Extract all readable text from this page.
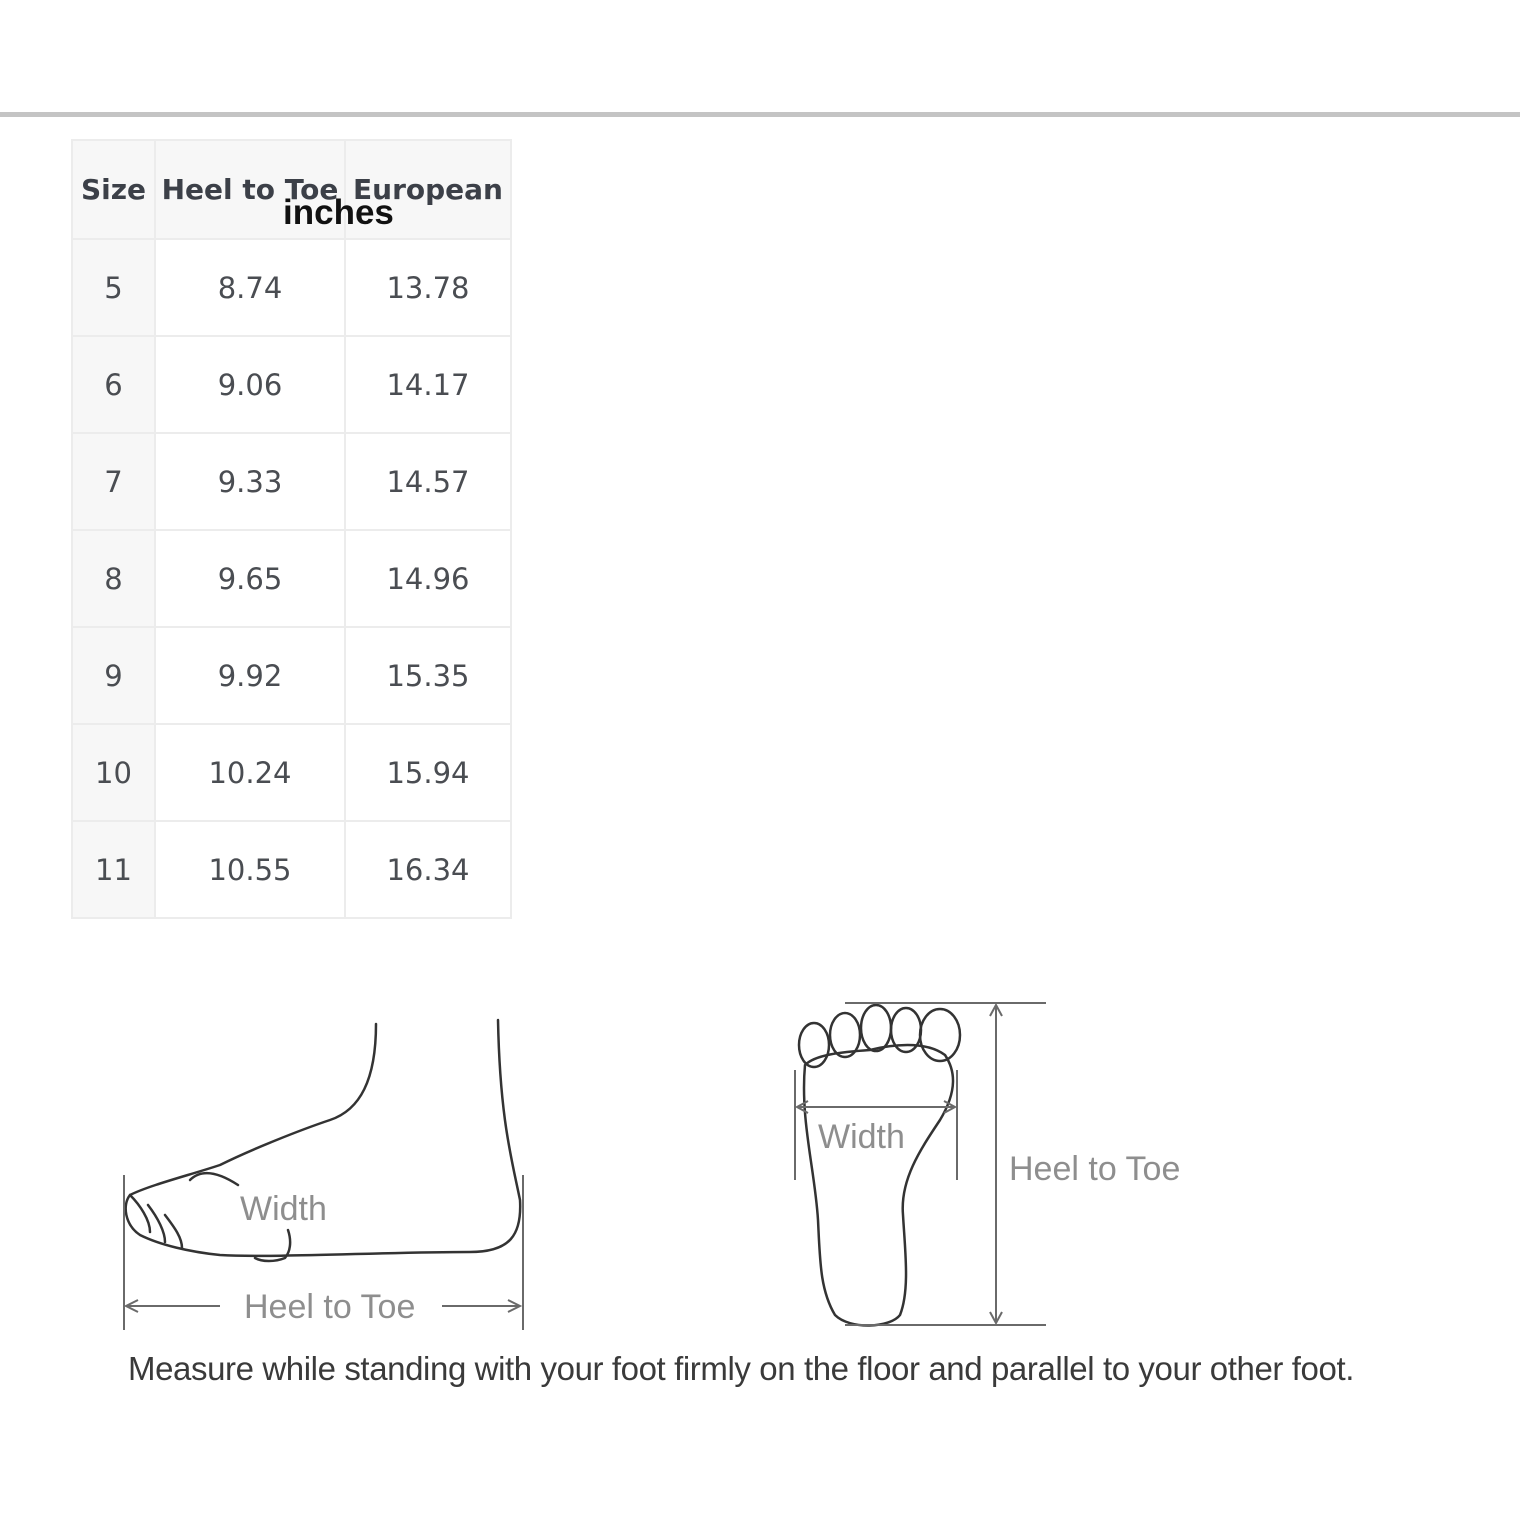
Size	Heel to Toe	European
5	8.74	13.78
6	9.06	14.17
7	9.33	14.57
8	9.65	14.96
9	9.92	15.35
10	10.24	15.94
11	10.55	16.34
inches
Width
Heel to Toe
Width
Heel to Toe
Measure while standing with your foot firmly on the floor and parallel to your other foot.
